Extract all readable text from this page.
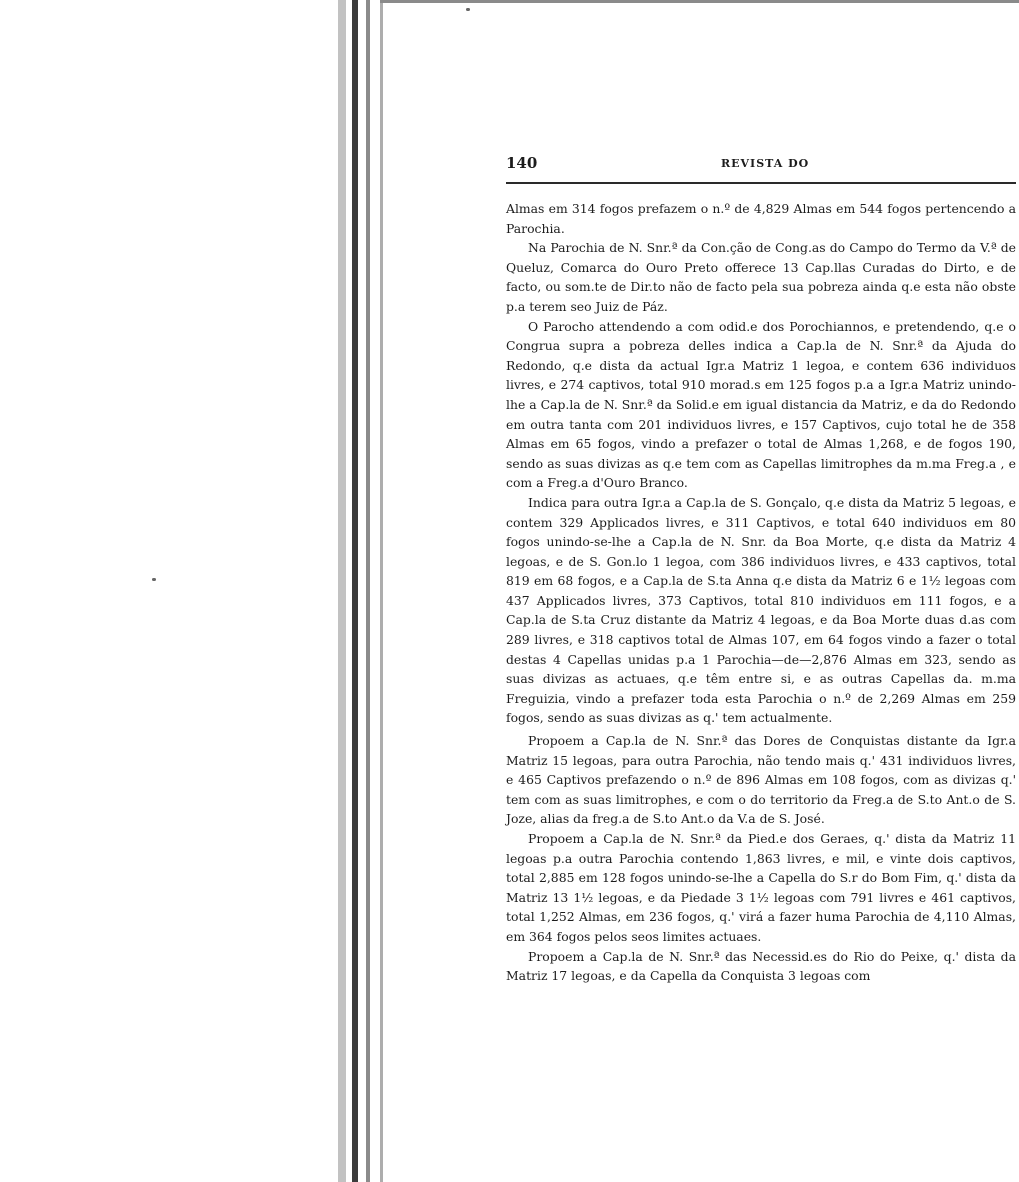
140	REVISTA DO

Almas em 314 fogos prefazem o n.º de 4,829 Almas em 544 fogos pertencendo a Parochia.

Na Parochia de N. Snr.ª da Con.ção de Cong.as do Campo do Termo da V.ª de Queluz, Comarca do Ouro Preto offerece 13 Cap.llas Curadas do Dirto, e de facto, ou som.te de Dir.to não de facto pela sua pobreza ainda q.e esta não obste p.a terem seo Juiz de Páz.

O Parocho attendendo a com odid.e dos Porochiannos, e pretendendo, q.e o Congrua supra a pobreza delles indica a Cap.la de N. Snr.ª da Ajuda do Redondo, q.e dista da actual Igr.a Matriz 1 legoa, e contem 636 individuos livres, e 274 captivos, total 910 morad.s em 125 fogos p.a a Igr.a Matriz unindo-lhe a Cap.la de N. Snr.ª da Solid.e em igual distancia da Matriz, e da do Redondo em outra tanta com 201 individuos livres, e 157 Captivos, cujo total he de 358 Almas em 65 fogos, vindo a prefazer o total de Almas 1,268, e de fogos 190, sendo as suas divizas as q.e tem com as Capellas limitrophes da m.ma Freg.a , e com a Freg.a d'Ouro Branco.

Indica para outra Igr.a a Cap.la de S. Gonçalo, q.e dista da Matriz 5 legoas, e contem 329 Applicados livres, e 311 Captivos, e total 640 individuos em 80 fogos unindo-se-lhe a Cap.la de N. Snr. da Boa Morte, q.e dista da Matriz 4 legoas, e de S. Gon.lo 1 legoa, com 386 individuos livres, e 433 captivos, total 819 em 68 fogos, e a Cap.la de S.ta Anna q.e dista da Matriz 6 e 1½ legoas com 437 Applicados livres, 373 Captivos, total 810 individuos em 111 fogos, e a Cap.la de S.ta Cruz distante da Matriz 4 legoas, e da Boa Morte duas d.as com 289 livres, e 318 captivos total de Almas 107, em 64 fogos vindo a fazer o total destas 4 Capellas unidas p.a 1 Parochia—de—2,876 Almas em 323, sendo as suas divizas as actuaes, q.e têm entre si, e as outras Capellas da. m.ma Freguizia, vindo a prefazer toda esta Parochia o n.º de 2,269 Almas em 259 fogos, sendo as suas divizas as q.' tem actualmente.

Propoem a Cap.la de N. Snr.ª das Dores de Conquistas distante da Igr.a Matriz 15 legoas, para outra Parochia, não tendo mais q.' 431 individuos livres, e 465 Captivos prefazendo o n.º de 896 Almas em 108 fogos, com as divizas q.' tem com as suas limitrophes, e com o do territorio da Freg.a de S.to Ant.o de S. Joze, alias da freg.a de S.to Ant.o da V.a de S. José.

Propoem a Cap.la de N. Snr.ª da Pied.e dos Geraes, q.' dista da Matriz 11 legoas p.a outra Parochia contendo 1,863 livres, e mil, e vinte dois captivos, total 2,885 em 128 fogos unindo-se-lhe a Capella do S.r do Bom Fim, q.' dista da Matriz 13 1½ legoas, e da Piedade 3 1½ legoas com 791 livres e 461 captivos, total 1,252 Almas, em 236 fogos, q.' virá a fazer huma Parochia de 4,110 Almas, em 364 fogos pelos seos limites actuaes.

Propoem a Cap.la de N. Snr.ª das Necessid.es do Rio do Peixe, q.' dista da Matriz 17 legoas, e da Capella da Conquista 3 legoas com
